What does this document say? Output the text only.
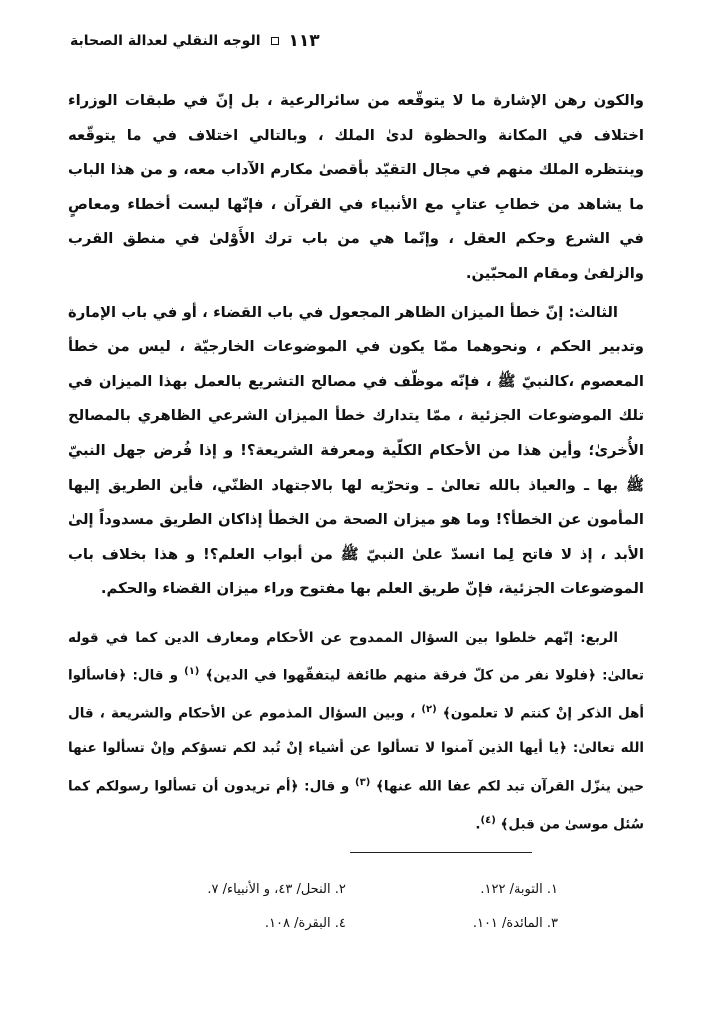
الوجه النقلي لعدالة الصحابة ١١٣

والكون رهن الإشارة ما لا يتوقّعه من سائرالرعية ، بل إنّ في طبقات الوزراء اختلاف في المكانة والحظوة لدىٰ الملك ، وبالتالي اختلاف في ما يتوقّعه وينتظره الملك منهم في مجال التقيّد بأقصىٰ مكارم الآداب معه، و من هذا الباب ما يشاهد من خطابِ عتابٍ مع الأنبياء في القرآن ، فإنّها ليست أخطاء ومعاصٍ في الشرع وحكم العقل ، وإنّما هي من باب ترك الأَوْلىٰ في منطق القرب والزلفىٰ ومقام المحبّين.

الثالث: إنّ خطأ الميزان الظاهر المجعول في باب القضاء ، أو في باب الإمارة وتدبير الحكم ، ونحوهما ممّا يكون في الموضوعات الخارجيّة ، ليس من خطأ المعصوم ،كالنبيّ ﷺ ، فإنّه موظّف في مصالح التشريع بالعمل بهذا الميزان في تلك الموضوعات الجزئية ، ممّا يتدارك خطأ الميزان الشرعي الظاهري بالمصالح الأُخرىٰ؛ وأين هذا من الأحكام الكلّية ومعرفة الشريعة؟! و إذا فُرض جهل النبيّ ﷺ بها ـ والعياذ بالله تعالىٰ ـ وتحرّيه لها بالاجتهاد الظنّي، فأين الطريق إليها المأمون عن الخطأ؟! وما هو ميزان الصحة من الخطأ إذاكان الطريق مسدوداً إلىٰ الأبد ، إذ لا فاتح لِما انسدّ علىٰ النبيّ ﷺ من أبواب العلم؟! و هذا بخلاف باب الموضوعات الجزئية، فإنّ طريق العلم بها مفتوح وراء ميزان القضاء والحكم.

الربع: إنّهم خلطوا بين السؤال الممدوح عن الأحكام ومعارف الدين كما في قوله تعالىٰ: ﴿فلولا نفر من كلّ فرقة منهم طائفة ليتفقّهوا في الدين﴾ $^{(١)}$ و قال: ﴿فاسألوا أهل الذكر إنْ كنتم لا تعلمون﴾ $^{(٢)}$ ، وبين السؤال المذموم عن الأحكام والشريعة ، قال الله تعالىٰ: ﴿يا أيها الذين آمنوا لا تسألوا عن أشياء إنْ تُبد لكم تسؤكم وإنْ تسألوا عنها حين ينزّل القرآن تبد لكم عفا الله عنها﴾ $^{(٣)}$ و قال: ﴿أم تريدون أن تسألوا رسولكم كما سُئل موسىٰ من قبل﴾ $^{(٤)}$.

١. التوبة/ ١٢٢.
٢. النحل/ ٤٣، و الأنبياء/ ٧.
٣. المائدة/ ١٠١.
٤. البقرة/ ١٠٨.
